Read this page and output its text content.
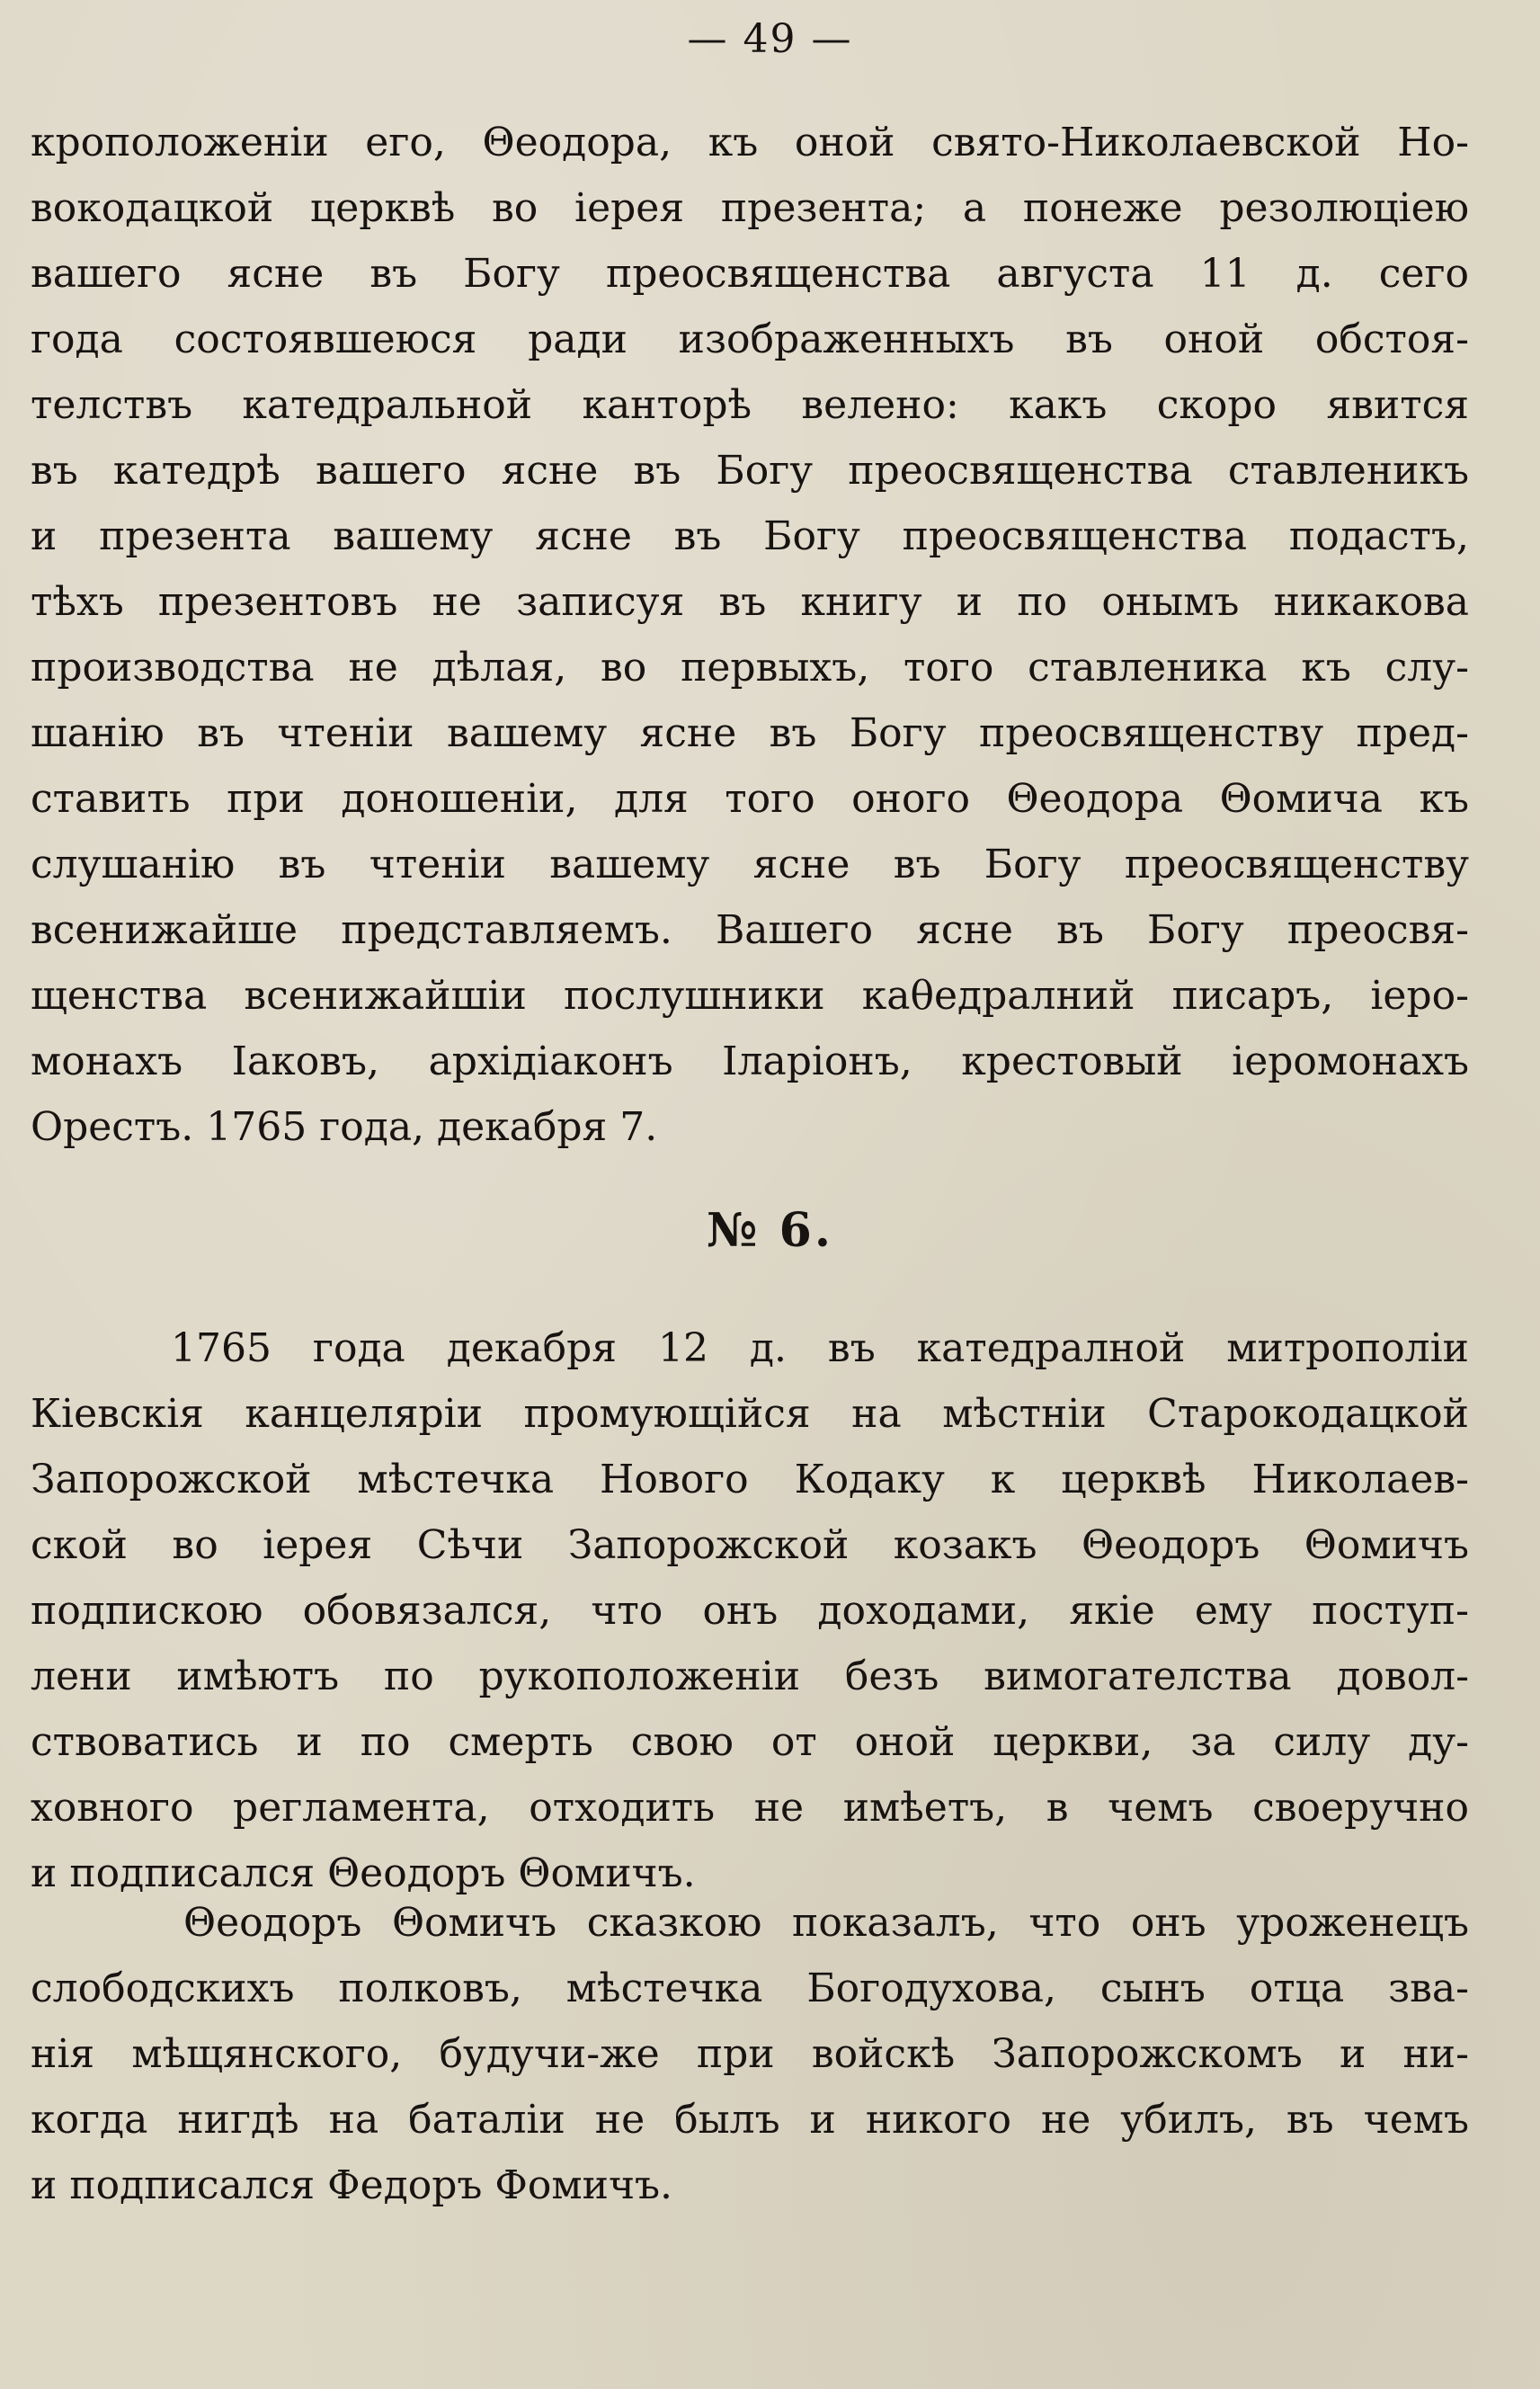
— 49 —
кроположеніи его, Θеодора, къ оной свято-Николаевской Но-
вокодацкой церквѣ во іерея презента; а понеже резолюціею
вашего ясне въ Богу преосвященства августа 11 д. сего
года состоявшеюся ради изображенныхъ въ оной обстоя-
телствъ катедральной канторѣ велено: какъ скоро явится
въ катедрѣ вашего ясне въ Богу преосвященства ставленикъ
и презента вашему ясне въ Богу преосвященства подастъ,
тѣхъ презентовъ не записуя въ книгу и по онымъ никакова
производства не дѣлая, во первыхъ, того ставленика къ слу-
шанію въ чтеніи вашему ясне въ Богу преосвященству пред-
ставить при доношеніи, для того оного Θеодора Θомича къ
слушанію въ чтеніи вашему ясне въ Богу преосвященству
всенижайше представляемъ. Вашего ясне въ Богу преосвя-
щенства всенижайшіи послушники каθедралний писаръ, іеро-
монахъ Іаковъ, архідіаконъ Іларіонъ, крестовый іеромонахъ
Орестъ. 1765 года, декабря 7.
№ 6.
1765 года декабря 12 д. въ катедралной митрополіи
Кіевскія канцеляріи промующійся на мѣстніи Старокодацкой
Запорожской мѣстечка Нового Кодаку к церквѣ Николаев-
ской во іерея Сѣчи Запорожской козакъ Θеодоръ Θомичъ
подпискою обовязался, что онъ доходами, якіе ему поступ-
лени имѣютъ по рукоположеніи безъ вимогателства довол-
ствоватись и по смерть свою от оной церкви, за силу ду-
ховного регламента, отходить не имѣетъ, в чемъ своеручно
и подписался Θеодоръ Θомичъ.
Θеодоръ Θомичъ сказкою показалъ, что онъ уроженецъ
слободскихъ полковъ, мѣстечка Богодухова, сынъ отца зва-
нія мѣщянского, будучи-же при войскѣ Запорожскомъ и ни-
когда нигдѣ на баталіи не былъ и никого не убилъ, въ чемъ
и подписался Федоръ Фомичъ.
